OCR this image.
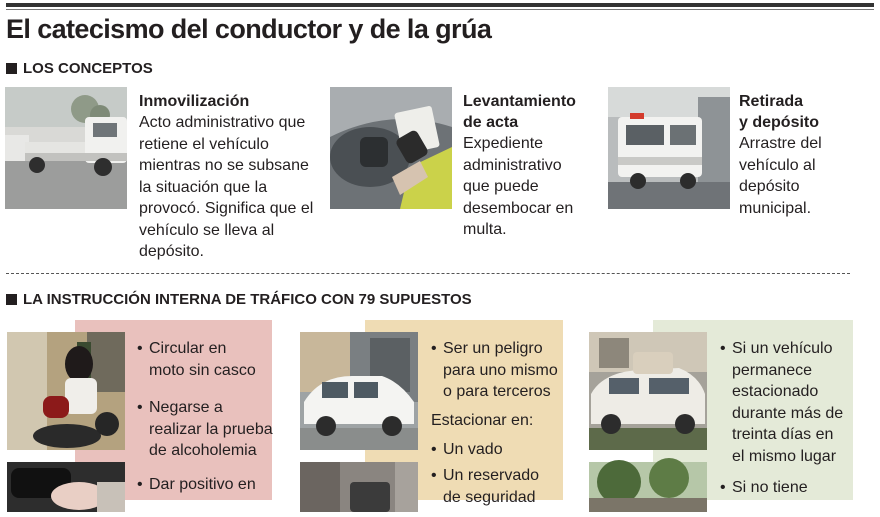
El catecismo del conductor y de la grúa
LOS CONCEPTOS
Inmovilización
Acto administrativo que
retiene el vehículo
mientras no se subsane
la situación que la
provocó. Significa que el
vehículo se lleva al
depósito.
Levantamiento
de acta
Expediente
administrativo
que puede
desembocar en
multa.
Retirada
y depósito
Arrastre del
vehículo al
depósito
municipal.
LA INSTRUCCIÓN INTERNA DE TRÁFICO CON 79 SUPUESTOS
• Circular en
moto sin casco
• Negarse a
realizar la prueba
de alcoholemia
• Dar positivo en
• Ser un peligro
para uno mismo
o para terceros
Estacionar en:
• Un vado
• Un reservado
de seguridad
• Si un vehículo
permanece
estacionado
durante más de
treinta días en
el mismo lugar
• Si no tiene
